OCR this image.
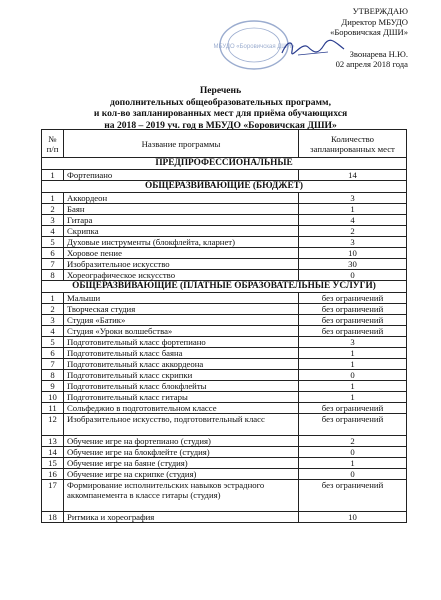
УТВЕРЖДАЮ
Директор МБУДО
«Боровичская ДШИ»
МБУДО «Боровичская ДШИ»
Звонарева Н.Ю.
02 апреля 2018 года
Перечень
дополнительных общеобразовательных программ,
и кол-во запланированных мест для приёма обучающихся
на 2018 – 2019 уч. год в МБУДО «Боровичская ДШИ»
№ п/п	Название программы	Количество запланированных мест
ПРЕДПРОФЕССИОНАЛЬНЫЕ		
1	Фортепиано	14
ОБЩЕРАЗВИВАЮЩИЕ (БЮДЖЕТ)		
1	Аккордеон	3
2	Баян	1
3	Гитара	4
4	Скрипка	2
5	Духовые инструменты (блокфлейта, кларнет)	3
6	Хоровое пение	10
7	Изобразительное искусство	30
8	Хореографическое искусство	0
ОБЩЕРАЗВИВАЮЩИЕ (ПЛАТНЫЕ ОБРАЗОВАТЕЛЬНЫЕ УСЛУГИ)		
1	Малыши	без ограничений
2	Творческая студия	без ограничений
3	Студия «Батик»	без ограничений
4	Студия «Уроки волшебства»	без ограничений
5	Подготовительный класс фортепиано	3
6	Подготовительный класс баяна	1
7	Подготовительный класс аккордеона	1
8	Подготовительный класс скрипки	0
9	Подготовительный класс блокфлейты	1
10	Подготовительный класс гитары	1
11	Сольфеджио в подготовительном классе	без ограничений
12	Изобразительное искусство, подготовительный класс	без ограничений
13	Обучение игре на фортепиано (студия)	2
14	Обучение игре на блокфлейте (студия)	0
15	Обучение игре на баяне (студия)	1
16	Обучение игре на скрипке (студия)	0
17	Формирование исполнительских навыков эстрадного аккомпанемента в классе гитары (студия)	без ограничений
18	Ритмика и хореография	10
